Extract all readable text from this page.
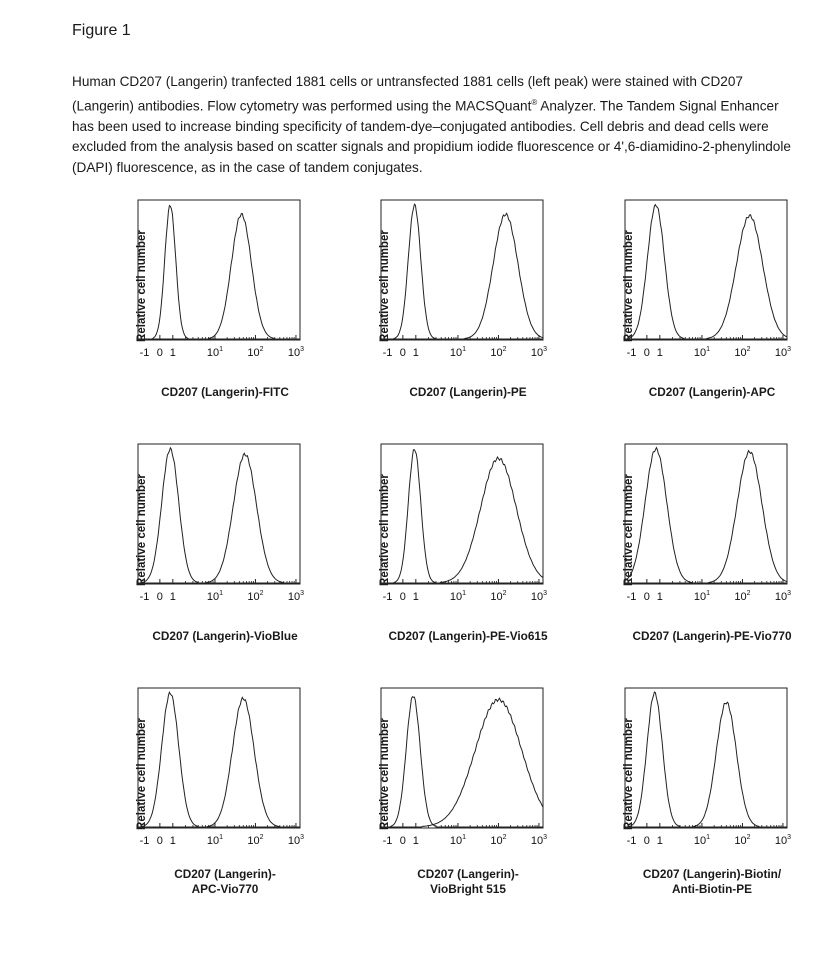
Figure 1
Human CD207 (Langerin) tranfected 1881 cells or untransfected 1881 cells (left peak) were stained with CD207 (Langerin) antibodies. Flow cytometry was performed using the MACSQuant® Analyzer. The Tandem Signal Enhancer has been used to increase binding specificity of tandem-dye–conjugated antibodies. Cell debris and dead cells were excluded from the analysis based on scatter signals and propidium iodide fluorescence or 4',6-diamidino-2-phenylindole (DAPI) fluorescence, as in the case of tandem conjugates.
Relative cell number
-1 0 1	$10^1$ $10^2$ $10^3$
CD207 (Langerin)-FITC
Relative cell number
-1 0 1	$10^1$ $10^2$ $10^3$
CD207 (Langerin)-PE
Relative cell number
-1 0 1	$10^1$ $10^2$ $10^3$
CD207 (Langerin)-APC
Relative cell number
-1 0 1	$10^1$ $10^2$ $10^3$
CD207 (Langerin)-VioBlue
Relative cell number
-1 0 1	$10^1$ $10^2$ $10^3$
CD207 (Langerin)-PE-Vio615
Relative cell number
-1 0 1	$10^1$ $10^2$ $10^3$
CD207 (Langerin)-PE-Vio770
Relative cell number
-1 0 1	$10^1$ $10^2$ $10^3$
CD207 (Langerin)-
APC-Vio770
Relative cell number
-1 0 1	$10^1$ $10^2$ $10^3$
CD207 (Langerin)-
VioBright 515
Relative cell number
-1 0 1	$10^1$ $10^2$ $10^3$
CD207 (Langerin)-Biotin/
Anti-Biotin-PE
